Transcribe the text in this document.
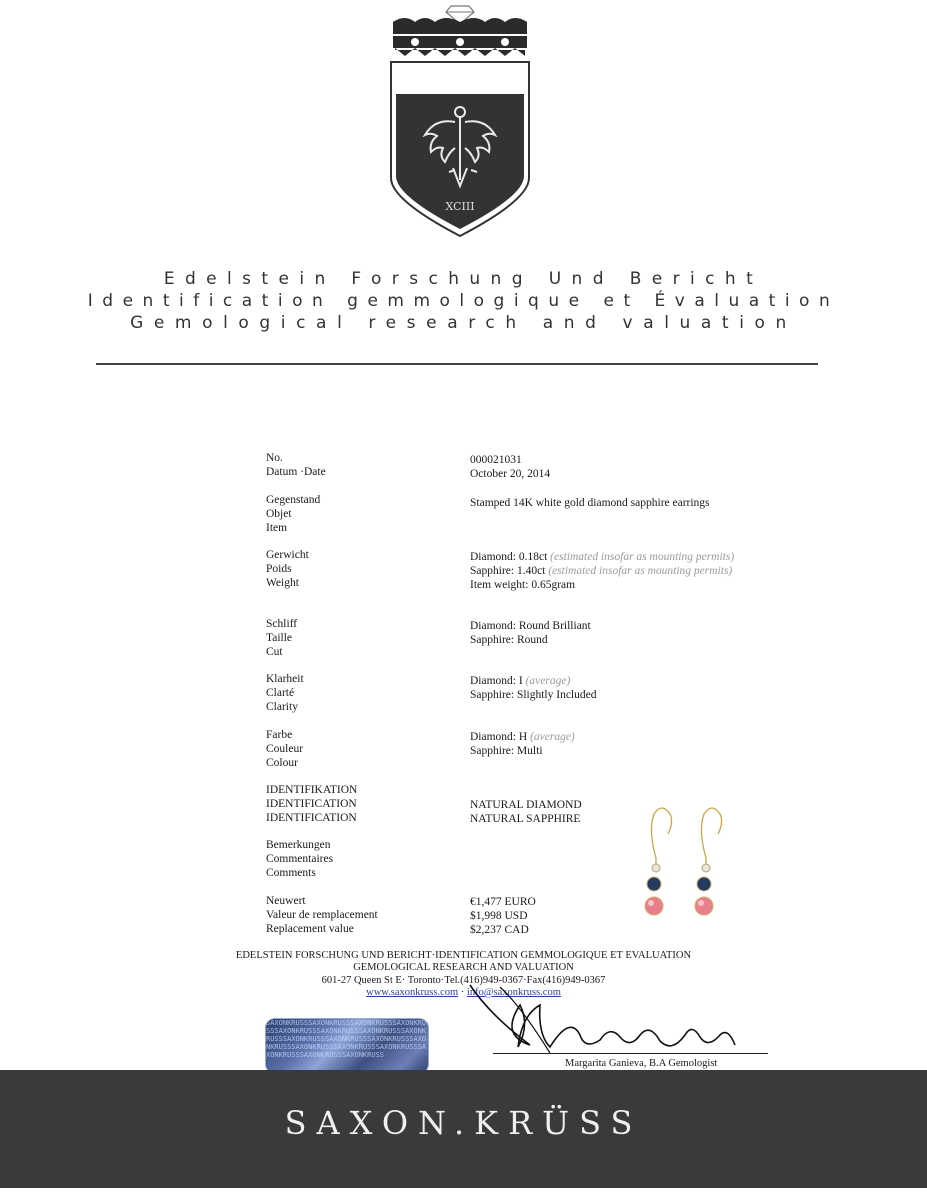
XCIII
Edelstein Forschung Und Bericht
Identification gemmologique et Évaluation
Gemological research and valuation
No.
Datum ·Date
000021031
October 20, 2014
Gegenstand
Objet
Item
Stamped 14K white gold diamond sapphire earrings
Gerwicht
Poids
Weight
Diamond: 0.18ct (estimated insofar as mounting permits)
Sapphire: 1.40ct (estimated insofar as mounting permits)
Item weight: 0.65gram
Schliff
Taille
Cut
Diamond: Round Brilliant
Sapphire: Round
Klarheit
Clarté
Clarity
Diamond: I (average)
Sapphire: Slightly Included
Farbe
Couleur
Colour
Diamond: H (average)
Sapphire: Multi
IDENTIFIKATION
IDENTIFICATION
IDENTIFICATION
NATURAL DIAMOND
NATURAL SAPPHIRE
Bemerkungen
Commentaires
Comments
Neuwert
Valeur de remplacement
Replacement value
€1,477 EURO
$1,998 USD
$2,237 CAD
EDELSTEIN FORSCHUNG UND BERICHT·IDENTIFICATION GEMMOLOGIQUE ET EVALUATION
GEMOLOGICAL RESEARCH AND VALUATION
601-27 Queen St E· Toronto·Tel.(416)949-0367·Fax(416)949-0367
www.saxonkruss.com · info@saxonkruss.com
SAXONKRUSSSAXONKRUSSSAXONKRUSSSAXONKRUSSSAXONKRUSSSAXONKRUSSSAXONKRUSSSAXONKRUSSSAXONKRUSSSAXONKRUSSSAXONKRUSSSAXONKRUSSSAXONKRUSSSAXONKRUSSSAXONKRUSSSAXONKRUSSSAXONKRUSSSAXONKRUSS
Margarita Ganieva, B.A Gemologist
SAXON.KRÜSS
